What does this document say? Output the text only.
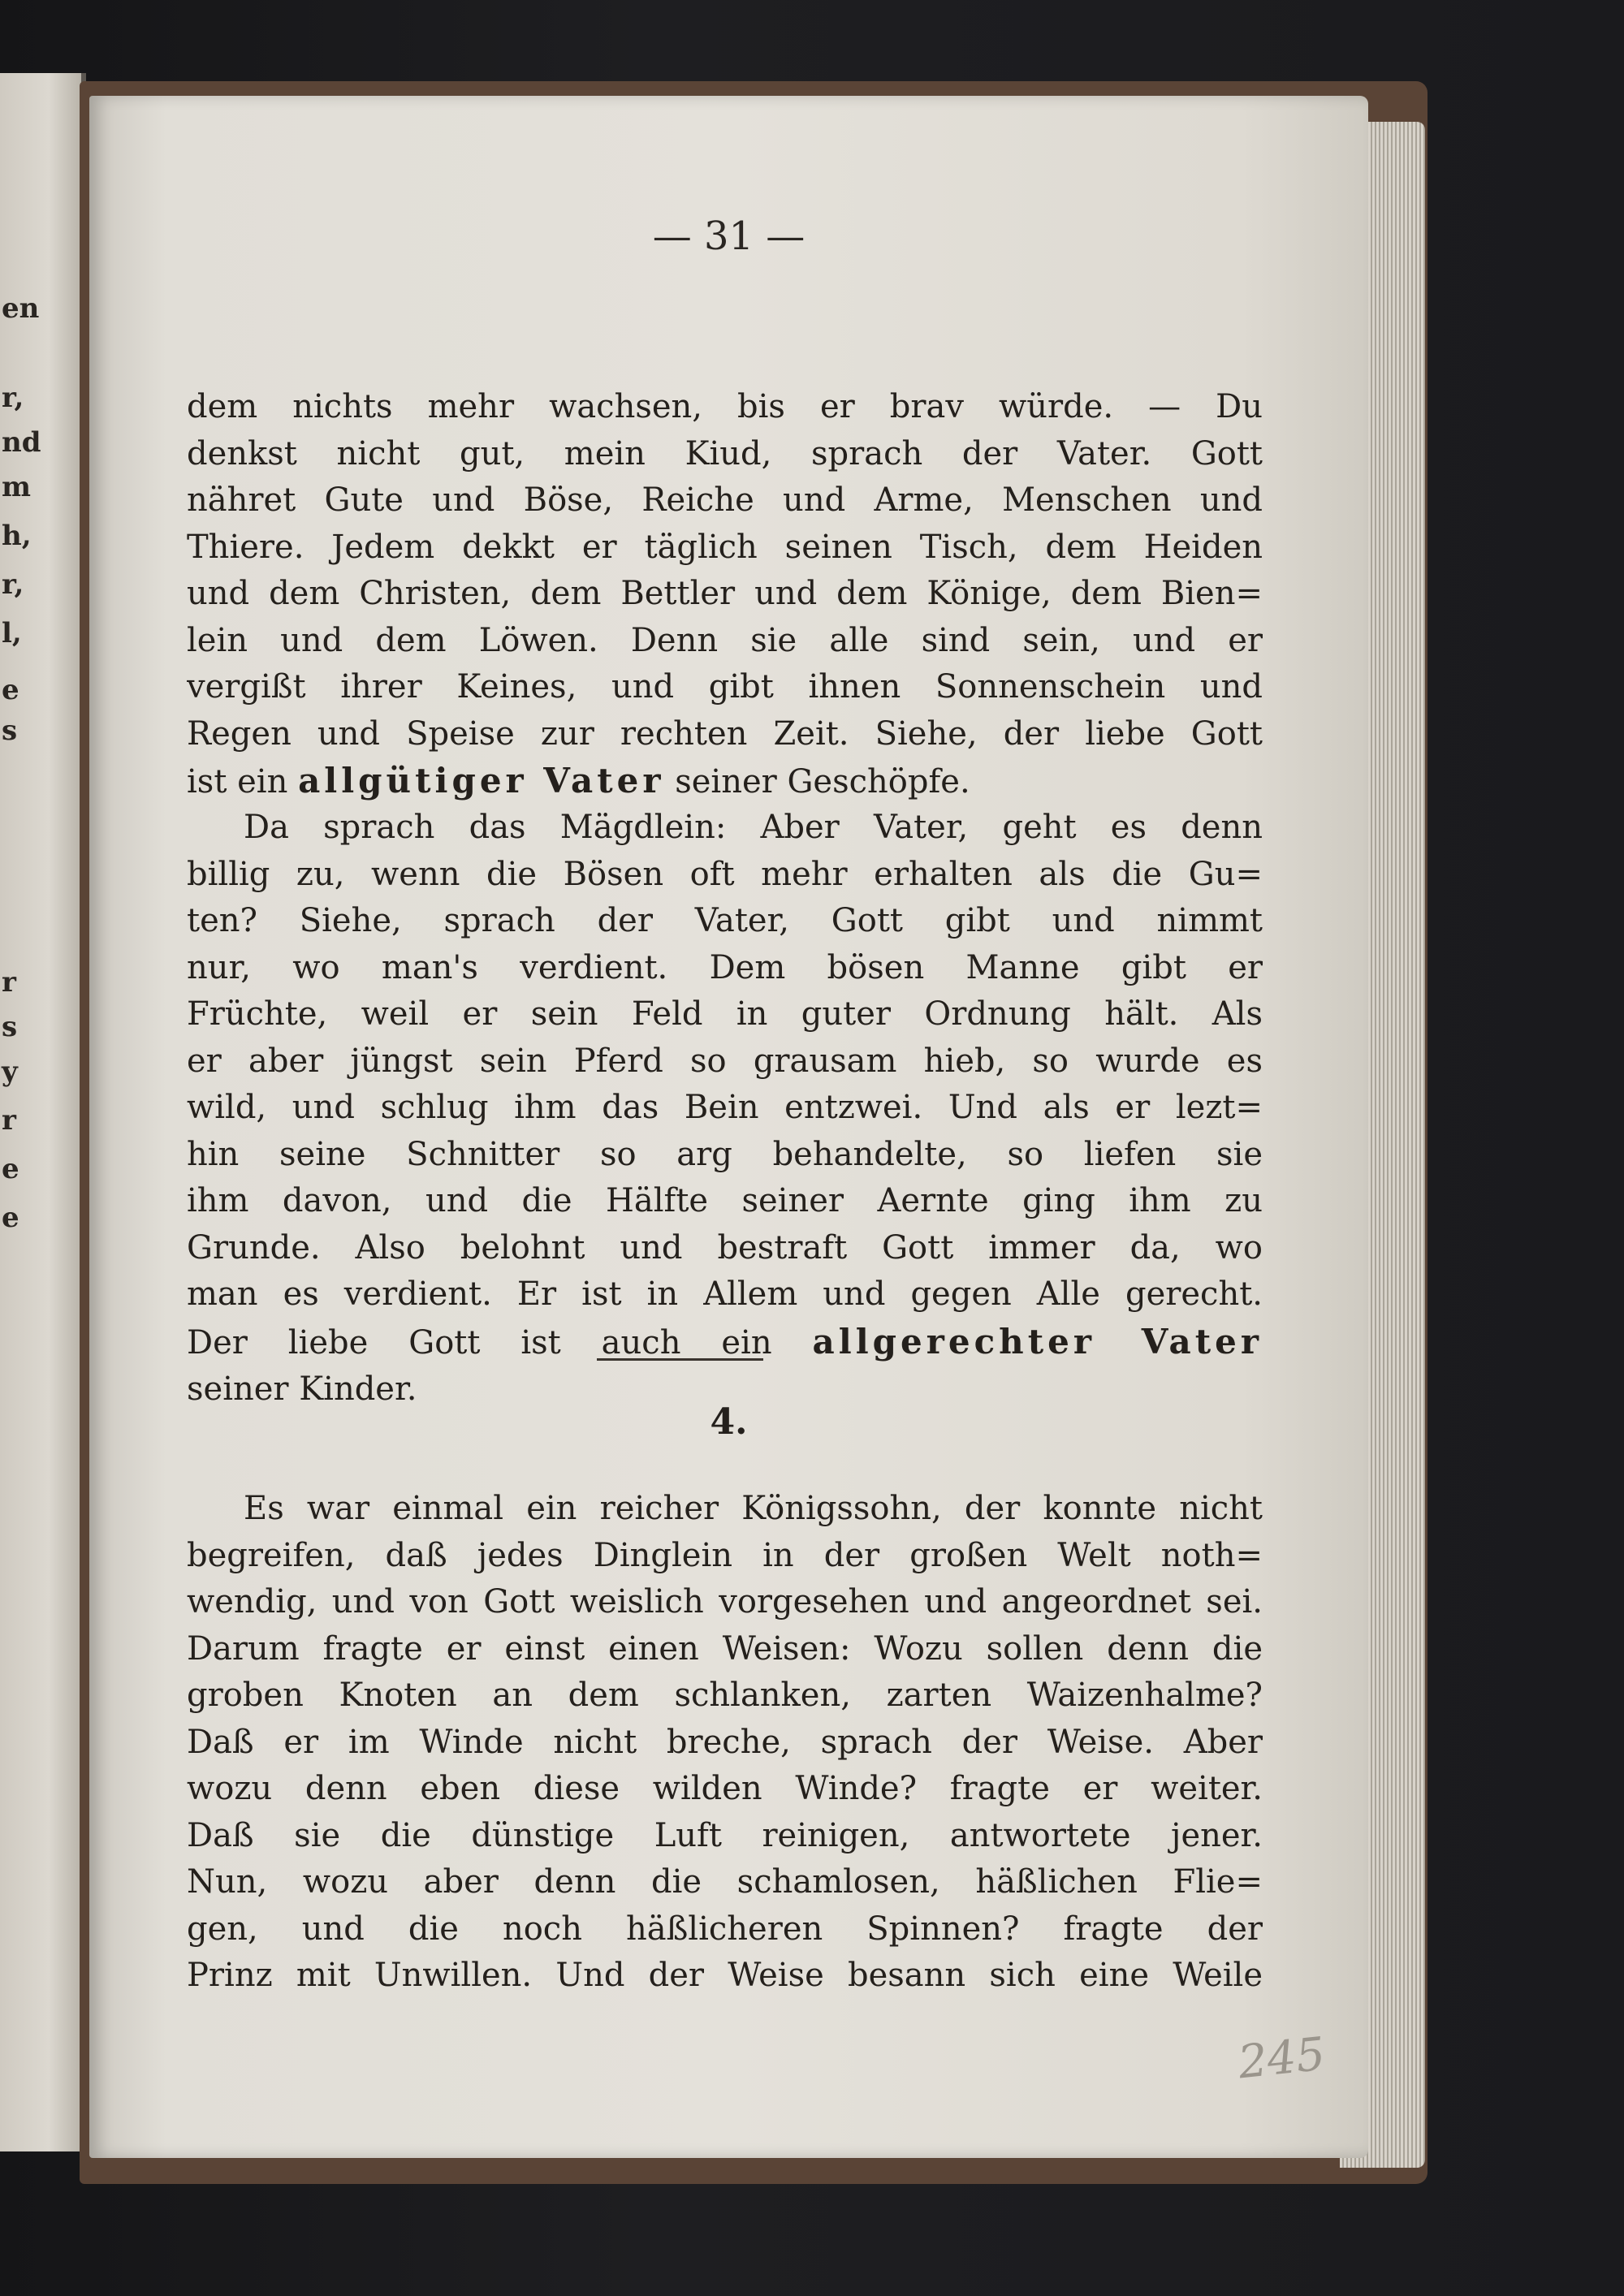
en
r,
nd
m
h,
r,
l,
e
s
r
s
y
r
e
e
— 31 —
dem nichts mehr wachsen, bis er brav würde. — Du
denkst nicht gut, mein Kiud, sprach der Vater. Gott
nähret Gute und Böse, Reiche und Arme, Menschen und
Thiere. Jedem dekkt er täglich seinen Tisch, dem Heiden
und dem Christen, dem Bettler und dem Könige, dem Bien=
lein und dem Löwen. Denn sie alle sind sein, und er
vergißt ihrer Keines, und gibt ihnen Sonnenschein und
Regen und Speise zur rechten Zeit. Siehe, der liebe Gott
ist ein allgütiger Vater seiner Geschöpfe.
Da sprach das Mägdlein: Aber Vater, geht es denn
billig zu, wenn die Bösen oft mehr erhalten als die Gu=
ten? Siehe, sprach der Vater, Gott gibt und nimmt
nur, wo man's verdient. Dem bösen Manne gibt er
Früchte, weil er sein Feld in guter Ordnung hält. Als
er aber jüngst sein Pferd so grausam hieb, so wurde es
wild, und schlug ihm das Bein entzwei. Und als er lezt=
hin seine Schnitter so arg behandelte, so liefen sie
ihm davon, und die Hälfte seiner Aernte ging ihm zu
Grunde. Also belohnt und bestraft Gott immer da, wo
man es verdient. Er ist in Allem und gegen Alle gerecht.
Der liebe Gott ist auch ein allgerechter Vater
seiner Kinder.
4.
Es war einmal ein reicher Königssohn, der konnte nicht
begreifen, daß jedes Dinglein in der großen Welt noth=
wendig, und von Gott weislich vorgesehen und angeordnet sei.
Darum fragte er einst einen Weisen: Wozu sollen denn die
groben Knoten an dem schlanken, zarten Waizenhalme?
Daß er im Winde nicht breche, sprach der Weise. Aber
wozu denn eben diese wilden Winde? fragte er weiter.
Daß sie die dünstige Luft reinigen, antwortete jener.
Nun, wozu aber denn die schamlosen, häßlichen Flie=
gen, und die noch häßlicheren Spinnen? fragte der
Prinz mit Unwillen. Und der Weise besann sich eine Weile
245
